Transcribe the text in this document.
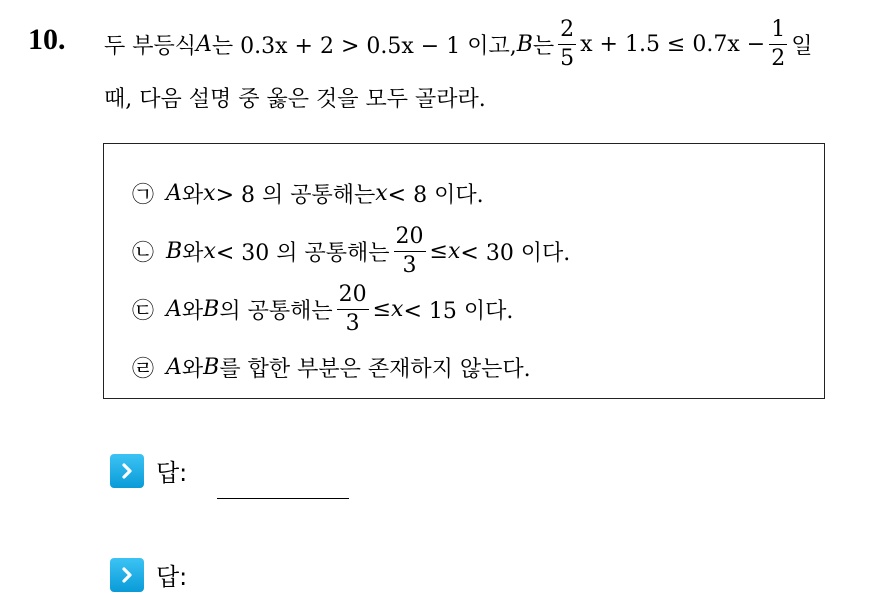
10. 두 부등식 A 는 0.3x + 2 > 0.5x − 1 이고, B 는 $\frac{2}{5}$ $x + 1.5 \le 0.7x - \frac{1}{2}$ 일
때, 다음 설명 중 옳은 것을 모두 골라라.
㉠ A 와 x > 8 의 공통해는 x < 8 이다.
㉡ B 와 x < 30 의 공통해는 $\frac{20}{3} \le x < 30$ 이다.
㉢ A 와 B 의 공통해는 $\frac{20}{3} \le x < 15$ 이다.
㉣ A 와 B 를 합한 부분은 존재하지 않는다.
답:
답:
